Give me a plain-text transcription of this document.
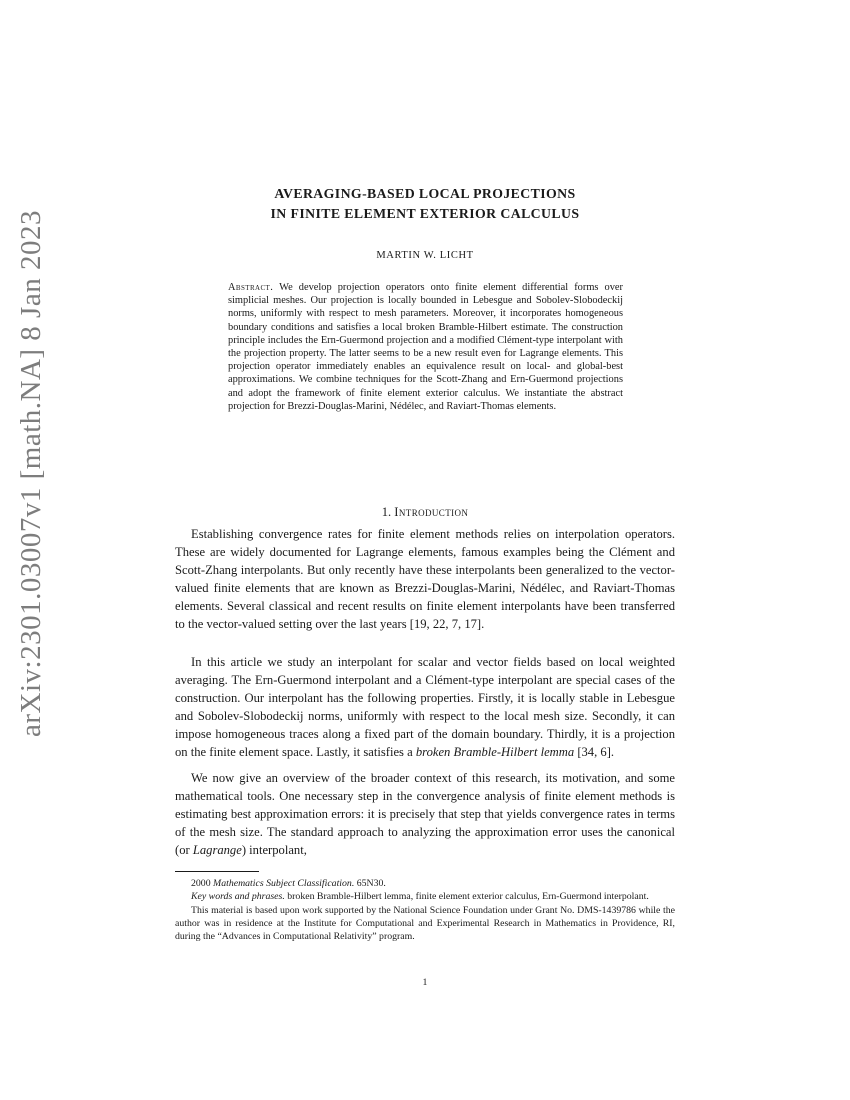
arXiv:2301.03007v1 [math.NA] 8 Jan 2023
AVERAGING-BASED LOCAL PROJECTIONS
IN FINITE ELEMENT EXTERIOR CALCULUS
MARTIN W. LICHT

Abstract. We develop projection operators onto finite element differential forms over simplicial meshes. Our projection is locally bounded in Lebesgue and Sobolev-Slobodeckij norms, uniformly with respect to mesh parameters. Moreover, it incorporates homogeneous boundary conditions and satisfies a local broken Bramble-Hilbert estimate. The construction principle includes the Ern-Guermond projection and a modified Clément-type interpolant with the projection property. The latter seems to be a new result even for Lagrange elements. This projection operator immediately enables an equivalence result on local- and global-best approximations. We combine techniques for the Scott-Zhang and Ern-Guermond projections and adopt the framework of finite element exterior calculus. We instantiate the abstract projection for Brezzi-Douglas-Marini, Nédélec, and Raviart-Thomas elements.

1. Introduction

Establishing convergence rates for finite element methods relies on interpolation operators. These are widely documented for Lagrange elements, famous examples being the Clément and Scott-Zhang interpolants. But only recently have these interpolants been generalized to the vector-valued finite elements that are known as Brezzi-Douglas-Marini, Nédélec, and Raviart-Thomas elements. Several classical and recent results on finite element interpolants have been transferred to the vector-valued setting over the last years [19, 22, 7, 17].

In this article we study an interpolant for scalar and vector fields based on local weighted averaging. The Ern-Guermond interpolant and a Clément-type interpolant are special cases of the construction. Our interpolant has the following properties. Firstly, it is locally stable in Lebesgue and Sobolev-Slobodeckij norms, uniformly with respect to the local mesh size. Secondly, it can impose homogeneous traces along a fixed part of the domain boundary. Thirdly, it is a projection on the finite element space. Lastly, it satisfies a broken Bramble-Hilbert lemma [34, 6].

We now give an overview of the broader context of this research, its motivation, and some mathematical tools. One necessary step in the convergence analysis of finite element methods is estimating best approximation errors: it is precisely that step that yields convergence rates in terms of the mesh size. The standard approach to analyzing the approximation error uses the canonical (or Lagrange) interpolant,

2000 Mathematics Subject Classification. 65N30.

Key words and phrases. broken Bramble-Hilbert lemma, finite element exterior calculus, Ern-Guermond interpolant.

This material is based upon work supported by the National Science Foundation under Grant No. DMS-1439786 while the author was in residence at the Institute for Computational and Experimental Research in Mathematics in Providence, RI, during the “Advances in Computational Relativity” program.

1
